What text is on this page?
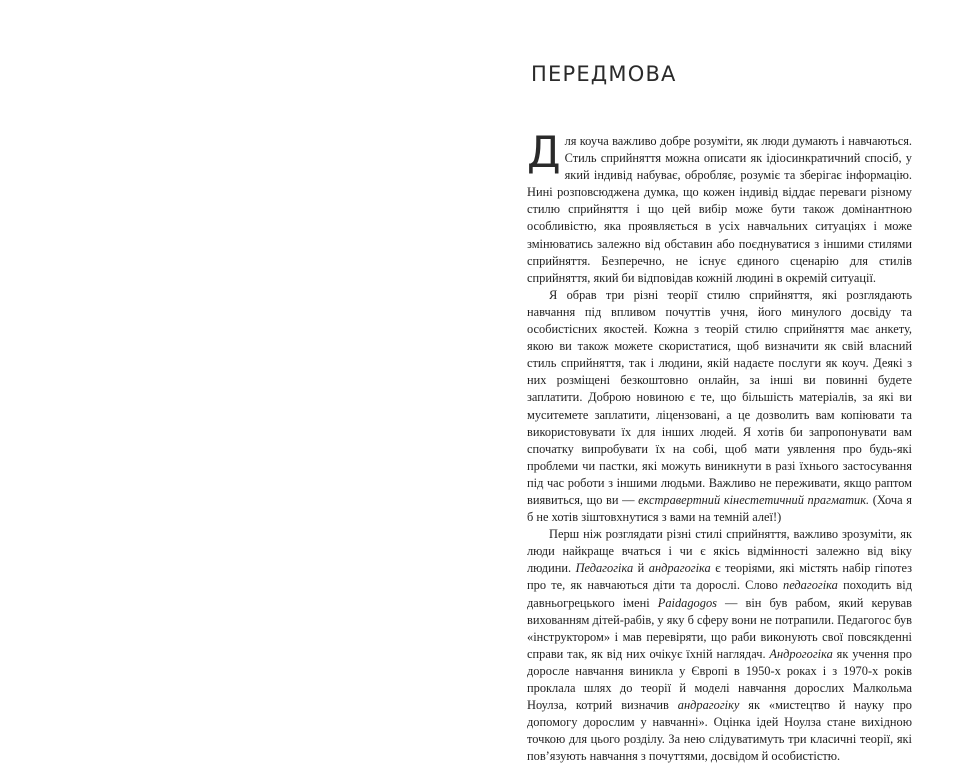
ПЕРЕДМОВА

Для коуча важливо добре розуміти, як люди думають і навчаються. Стиль сприйняття можна описати як ідіосинкратичний спосіб, у який індивід набуває, обробляє, розуміє та зберігає інформацію. Нині розповсюджена думка, що кожен індивід віддає переваги різному стилю сприйняття і що цей вибір може бути також домінантною особливістю, яка проявляється в усіх навчальних ситуаціях і може змінюватись залежно від обставин або поєднуватися з іншими стилями сприйняття. Безперечно, не існує єдиного сценарію для стилів сприйняття, який би відповідав кожній людині в окремій ситуації.

Я обрав три різні теорії стилю сприйняття, які розглядають навчання під впливом почуттів учня, його минулого досвіду та особистісних якостей. Кожна з теорій стилю сприйняття має анкету, якою ви також можете скористатися, щоб визначити як свій власний стиль сприйняття, так і людини, якій надаєте послуги як коуч. Деякі з них розміщені безкоштовно онлайн, за інші ви повинні будете заплатити. Доброю новиною є те, що більшість матеріалів, за які ви муситемете заплатити, ліцензовані, а це дозволить вам копіювати та використовувати їх для інших людей. Я хотів би запропонувати вам спочатку випробувати їх на собі, щоб мати уявлення про будь-які проблеми чи пастки, які можуть виникнути в разі їхнього застосування під час роботи з іншими людьми. Важливо не переживати, якщо раптом виявиться, що ви — екстравертний кінестетичний прагматик. (Хоча я б не хотів зіштовхнутися з вами на темній алеї!)

Перш ніж розглядати різні стилі сприйняття, важливо зрозуміти, як люди найкраще вчаться і чи є якісь відмінності залежно від віку людини. Педагогіка й андрагогіка є теоріями, які містять набір гіпотез про те, як навчаються діти та дорослі. Слово педагогіка походить від давньогрецького імені Paidagogos — він був рабом, який керував вихованням дітей-рабів, у яку б сферу вони не потрапили. Педагогос був «інструктором» і мав перевіряти, що раби виконують свої повсякденні справи так, як від них очікує їхній наглядач. Андрогогіка як учення про доросле навчання виникла у Європі в 1950-х роках і з 1970-х років проклала шлях до теорії й моделі навчання дорослих Малкольма Ноулза, котрий визначив андрагогіку як «мистецтво й науку про допомогу дорослим у навчанні». Оцінка ідей Ноулза стане вихідною точкою для цього розділу. За нею слідуватимуть три класичні теорії, які пов’язують навчання з почуттями, досвідом й особистістю.
